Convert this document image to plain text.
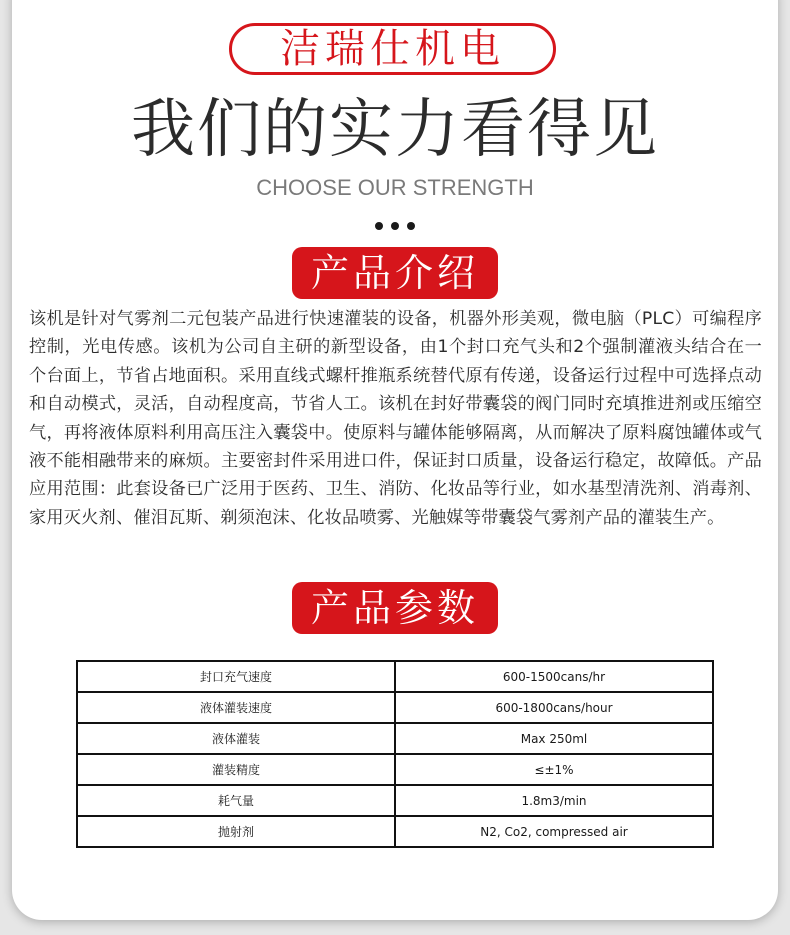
洁瑞仕机电
我们的实力看得见
CHOOSE OUR STRENGTH
产品介绍
该机是针对气雾剂二元包装产品进行快速灌装的设备，机器外形美观，微电脑（PLC）可编程序控制，光电传感。该机为公司自主研的新型设备，由1个封口充气头和2个强制灌液头结合在一个台面上，节省占地面积。采用直线式螺杆推瓶系统替代原有传递，设备运行过程中可选择点动和自动模式，灵活，自动程度高，节省人工。该机在封好带囊袋的阀门同时充填推进剂或压缩空气，再将液体原料利用高压注入囊袋中。使原料与罐体能够隔离，从而解决了原料腐蚀罐体或气液不能相融带来的麻烦。主要密封件采用进口件，保证封口质量，设备运行稳定，故障低。产品应用范围：此套设备已广泛用于医药、卫生、消防、化妆品等行业，如水基型清洗剂、消毒剂、家用灭火剂、催泪瓦斯、剃须泡沫、化妆品喷雾、光触媒等带囊袋气雾剂产品的灌装生产。
产品参数
封口充气速度	600-1500cans/hr
液体灌装速度	600-1800cans/hour
液体灌装	Max 250ml
灌装精度	≤±1%
耗气量	1.8m3/min
抛射剂	N2, Co2, compressed air
